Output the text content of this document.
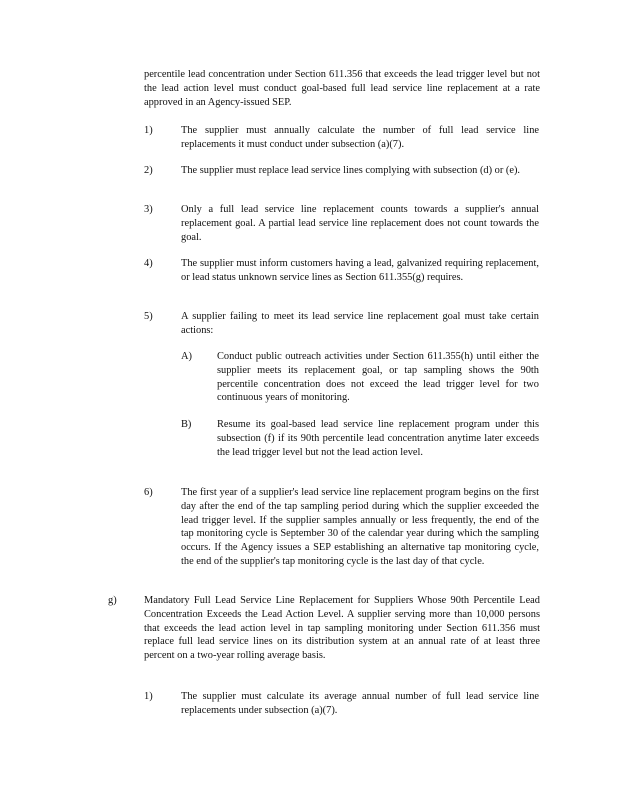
percentile lead concentration under Section 611.356 that exceeds the lead trigger level but not the lead action level must conduct goal-based full lead service line replacement at a rate approved in an Agency-issued SEP.
1)	The supplier must annually calculate the number of full lead service line replacements it must conduct under subsection (a)(7).
2)	The supplier must replace lead service lines complying with subsection (d) or (e).
3)	Only a full lead service line replacement counts towards a supplier's annual replacement goal. A partial lead service line replacement does not count towards the goal.
4)	The supplier must inform customers having a lead, galvanized requiring replacement, or lead status unknown service lines as Section 611.355(g) requires.
5)	A supplier failing to meet its lead service line replacement goal must take certain actions:
A) Conduct public outreach activities under Section 611.355(h) until either the supplier meets its replacement goal, or tap sampling shows the 90th percentile concentration does not exceed the lead trigger level for two continuous years of monitoring.
B) Resume its goal-based lead service line replacement program under this subsection (f) if its 90th percentile lead concentration anytime later exceeds the lead trigger level but not the lead action level.
6)	The first year of a supplier's lead service line replacement program begins on the first day after the end of the tap sampling period during which the supplier exceeded the lead trigger level. If the supplier samples annually or less frequently, the end of the tap monitoring cycle is September 30 of the calendar year during which the sampling occurs. If the Agency issues a SEP establishing an alternative tap monitoring cycle, the end of the supplier's tap monitoring cycle is the last day of that cycle.
g)	Mandatory Full Lead Service Line Replacement for Suppliers Whose 90th Percentile Lead Concentration Exceeds the Lead Action Level. A supplier serving more than 10,000 persons that exceeds the lead action level in tap sampling monitoring under Section 611.356 must replace full lead service lines on its distribution system at an annual rate of at least three percent on a two-year rolling average basis.
1)	The supplier must calculate its average annual number of full lead service line replacements under subsection (a)(7).
